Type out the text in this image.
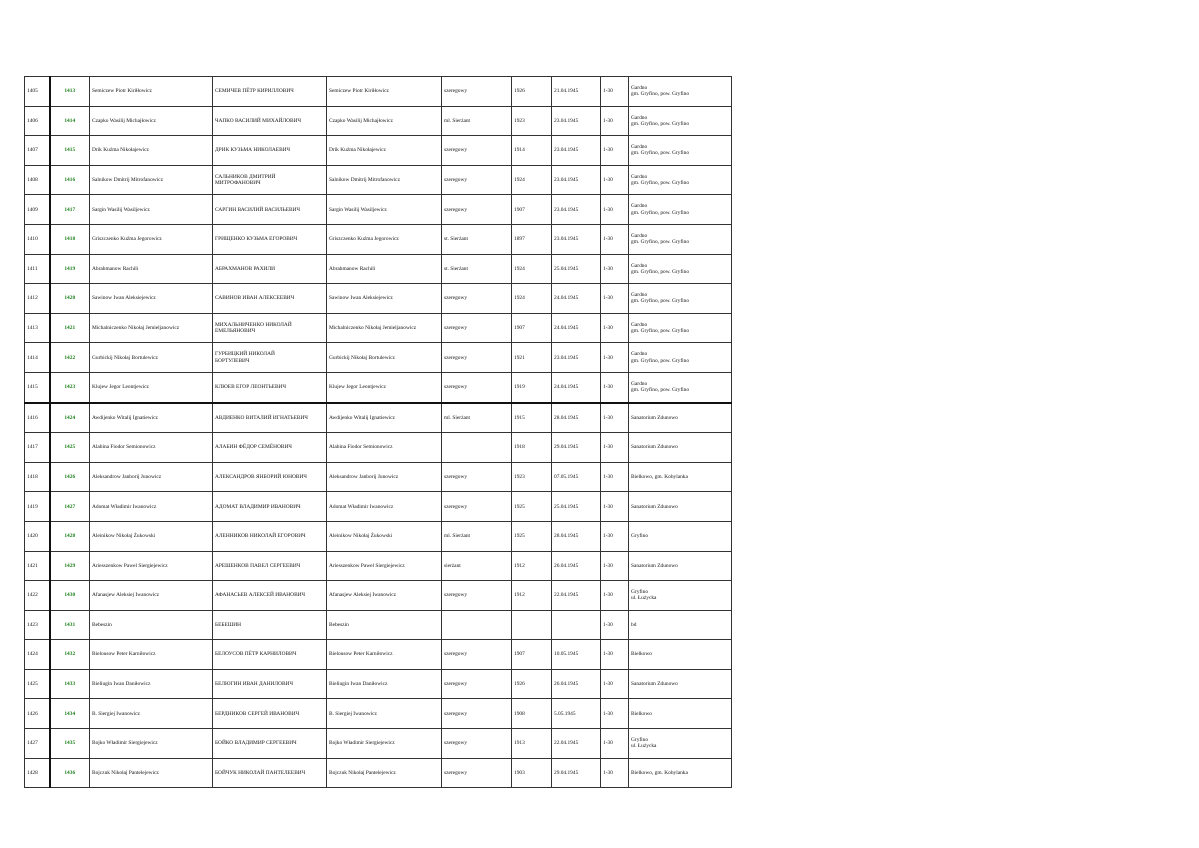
1405	1413	Semiczew Piotr Kiriłłowicz	СЕМИЧЕВ ПЁТР КИРИЛЛОВИЧ	Semiczew Piotr Kiriłłowicz	szeregowy	1926	21.04.1945	1-30	Gardno
gm. Gryfino, pow. Gryfino

1406	1414	Czapko Wasilij Michajłowicz	ЧАПКО ВАСИЛИЙ МИХАЙЛОВИЧ	Czapko Wasilij Michajłowicz	ml. Sierżant	1923	23.04.1945	1-30	Gardno
gm. Gryfino, pow. Gryfino

1407	1415	Drik Kuźma Nikołajewicz	ДРИК КУЗЬМА НИКОЛАЕВИЧ	Drik Kuźma Nikołajewicz	szeregowy	1914	23.04.1945	1-30	Gardno
gm. Gryfino, pow. Gryfino

1408	1416	Salnikow Dmitrij Mitrofanowicz	САЛЬНИКОВ ДМИТРИЙ
МИТРОФАНОВИЧ	Salnikow Dmitrij Mitrofanowicz	szeregowy	1924	23.04.1945	1-30	Gardno
gm. Gryfino, pow. Gryfino

1409	1417	Sargin Wasilij Wasiljewicz	САРГИН ВАСИЛИЙ ВАСИЛЬЕВИЧ	Sargin Wasilij Wasiljewicz	szeregowy	1907	23.04.1945	1-30	Gardno
gm. Gryfino, pow. Gryfino

1410	1418	Griszczenko Kuźma Jegorowicz	ГРИЩЕНКО КУЗЬМА ЕГОРОВИЧ	Griszczenko Kuźma Jegorowicz	st. Sierżant	1897	23.04.1945	1-30	Gardno
gm. Gryfino, pow. Gryfino

1411	1419	Abrahmanow Rachili	АБРАХМАНОВ РАХИЛИ	Abrahmanow Rachili	st. Sierżant	1924	25.04.1945	1-30	Gardno
gm. Gryfino, pow. Gryfino

1412	1420	Sawinow Iwan Aleksiejewicz	САВИНОВ ИВАН АЛЕКСЕЕВИЧ	Sawinow Iwan Aleksiejewicz	szeregowy	1924	24.04.1945	1-30	Gardno
gm. Gryfino, pow. Gryfino

1413	1421	Michalniczenko Nikołaj Jemieljanowicz	МИХАЛЬНИЧЕНКО НИКОЛАЙ
ЕМЕЛЬЯНОВИЧ	Michalniczenko Nikołaj Jemieljanowicz	szeregowy	1907	24.04.1945	1-30	Gardno
gm. Gryfino, pow. Gryfino

1414	1422	Gurbickij Nikołaj Bortulewicz	ГУРБИЦКИЙ НИКОЛАЙ
БОРТУЛЕВИЧ	Gurbickij Nikołaj Bortulewicz	szeregowy	1921	23.04.1945	1-30	Gardno
gm. Gryfino, pow. Gryfino

1415	1423	Klujew Jegor Leontjewicz	КЛЮЕВ ЕГОР ЛЕОНТЬЕВИЧ	Klujew Jegor Leontjewicz	szeregowy	1919	24.04.1945	1-30	Gardno
gm. Gryfino, pow. Gryfino

1416	1424	Awdijenko Witalij Ignatiewicz	АВДИЕНКО ВИТАЛИЙ ИГНАТЬЕВИЧ	Awdijenko Witalij Ignatiewicz	ml. Sierżant	1915	28.04.1945	1-30	Sanatorium Zdunowo

1417	1425	Alabina Fiodor Semionowicz	АЛАБИН ФЁДОР СЕМЁНОВИЧ	Alabina Fiodor Semionowicz		1918	29.04.1945	1-30	Sanatorium Zdunowo

1418	1426	Aleksandrow Janborij Junowicz	АЛЕКСАНДРОВ ЯНБОРИЙ ЮНОВИЧ	Aleksandrow Janborij Junowicz	szeregowy	1923	07.05.1945	1-30	Bielkowo, gm. Kobylanka

1419	1427	Adomat Władimir Iwanowicz	АДОМАТ ВЛАДИМИР ИВАНОВИЧ	Adomat Władimir Iwanowicz	szeregowy	1925	25.04.1945	1-30	Sanatorium Zdunowo

1420	1428	Aleinikow Nikołaj Żukowski	АЛЕННИКОВ НИКОЛАЙ ЕГОРОВИЧ	Aleinikow Nikołaj Żukowski	ml. Sierżant	1925	28.04.1945	1-30	Gryfino

1421	1429	Ariesszenkow Pawel Siergiejewicz	АРЕШЕНКОВ ПАВЕЛ СЕРГЕЕВИЧ	Ariesszenkow Pawel Siergiejewicz	sierżant	1912	26.04.1945	1-30	Sanatorium Zdunowo

1422	1430	Afanasjew Aleksiej Iwanowicz	АФАНАСЬЕВ АЛЕКСЕЙ ИВАНОВИЧ	Afanasjew Aleksiej Iwanowicz	szeregowy	1912	22.04.1945	1-30	Gryfino
ul. Łużycka

1423	1431	Bebeszin	БЕБЕШИН	Bebeszin				1-30	bd

1424	1432	Bielousow Peter Karniłowicz	БЕЛОУСОВ ПЁТР КАРНИЛОВИЧ	Bielousow Peter Karniłowicz	szeregowy	1907	10.05.1945	1-30	Bielkowo

1425	1433	Bieliugin Iwan Daniłowicz	БЕЛЮГИН ИВАН ДАНИЛОВИЧ	Bieliugin Iwan Daniłowicz	szeregowy	1926	26.04.1945	1-30	Sanatorium Zdunowo

1426	1434	B. Siergiej Iwanowicz	БЕРДНИКОВ СЕРГЕЙ ИВАНОВИЧ	B. Siergiej Iwanowicz	szeregowy	1908	5.05.1945	1-30	Bielkowo

1427	1435	Bojko Władimir Siergiejewicz	БОЙКО ВЛАДИМИР СЕРГЕЕВИЧ	Bojko Władimir Siergiejewicz	szeregowy	1913	22.04.1945	1-30	Gryfino
ul. Łużycka

1428	1436	Bojczuk Nikołaj Pantelejewicz	БОЙЧУК НИКОЛАЙ ПАНТЕЛЕЕВИЧ	Bojczuk Nikołaj Pantelejewicz	szeregowy	1903	29.04.1945	1-30	Bielkowo, gm. Kobylanka
